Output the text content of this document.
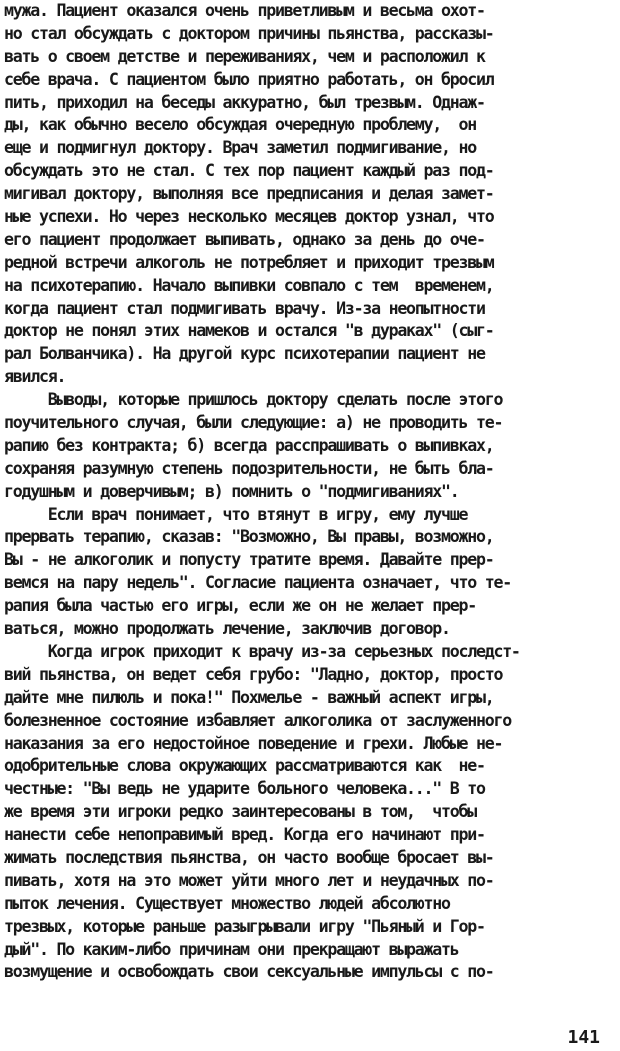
мужа. Пациент оказался очень приветливым и весьма охот-
но стал обсуждать с доктором причины пьянства, рассказы-
вать о своем детстве и переживаниях, чем и расположил к
себе врача. С пациентом было приятно работать, он бросил
пить, приходил на беседы аккуратно, был трезвым. Однаж-
ды, как обычно весело обсуждая очередную проблему,  он
еще и подмигнул доктору. Врач заметил подмигивание, но
обсуждать это не стал. С тех пор пациент каждый раз под-
мигивал доктору, выполняя все предписания и делая замет-
ные успехи. Но через несколько месяцев доктор узнал, что
его пациент продолжает выпивать, однако за день до оче-
редной встречи алкоголь не потребляет и приходит трезвым
на психотерапию. Начало выпивки совпало с тем  временем,
когда пациент стал подмигивать врачу. Из-за неопытности
доктор не понял этих намеков и остался "в дураках" (сыг-
рал Болванчика). На другой курс психотерапии пациент не
явился.
Выводы, которые пришлось доктору сделать после этого
поучительного случая, были следующие: а) не проводить те-
рапию без контракта; б) всегда расспрашивать о выпивках,
сохраняя разумную степень подозрительности, не быть бла-
годушным и доверчивым; в) помнить о "подмигиваниях".
Если врач понимает, что втянут в игру, ему лучше
прервать терапию, сказав: "Возможно, Вы правы, возможно,
Вы - не алкоголик и попусту тратите время. Давайте прер-
вемся на пару недель". Согласие пациента означает, что те-
рапия была частью его игры, если же он не желает прер-
ваться, можно продолжать лечение, заключив договор.
Когда игрок приходит к врачу из-за серьезных последст-
вий пьянства, он ведет себя грубо: "Ладно, доктор, просто
дайте мне пилюль и пока!" Похмелье - важный аспект игры,
болезненное состояние избавляет алкоголика от заслуженного
наказания за его недостойное поведение и грехи. Любые не-
одобрительные слова окружающих рассматриваются как  не-
честные: "Вы ведь не ударите больного человека..." В то
же время эти игроки редко заинтересованы в том,  чтобы
нанести себе непоправимый вред. Когда его начинают при-
жимать последствия пьянства, он часто вообще бросает вы-
пивать, хотя на это может уйти много лет и неудачных по-
пыток лечения. Существует множество людей абсолютно
трезвых, которые раньше разыгрывали игру "Пьяный и Гор-
дый". По каким-либо причинам они прекращают выражать
возмущение и освобождать свои сексуальные импульсы с по-
141
